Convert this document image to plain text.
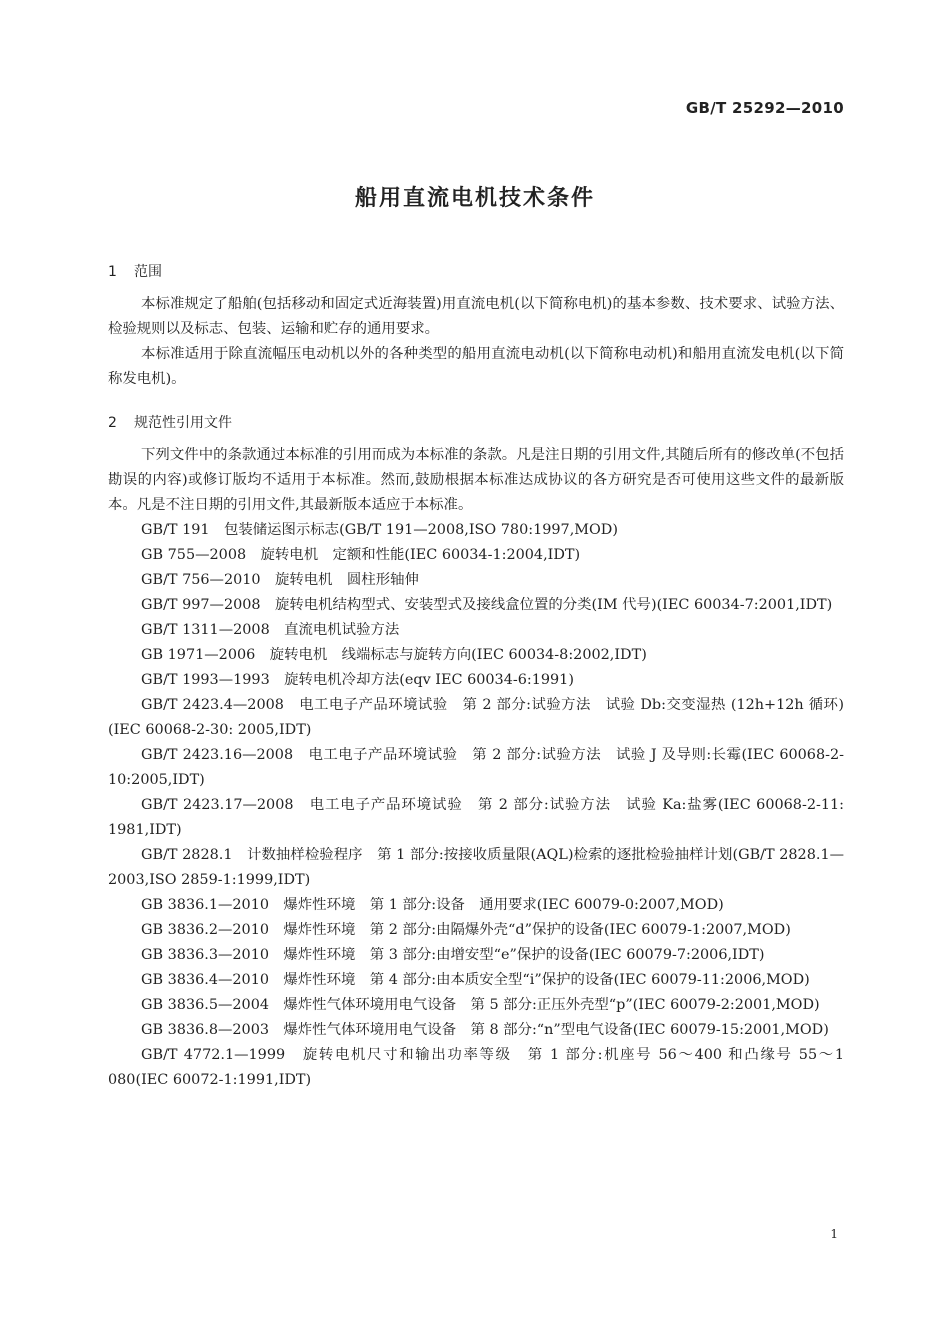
GB/T 25292—2010
船用直流电机技术条件
1 范围

本标准规定了船舶(包括移动和固定式近海装置)用直流电机(以下简称电机)的基本参数、技术要求、试验方法、检验规则以及标志、包装、运输和贮存的通用要求。

本标准适用于除直流幅压电动机以外的各种类型的船用直流电动机(以下简称电动机)和船用直流发电机(以下简称发电机)。

2 规范性引用文件

下列文件中的条款通过本标准的引用而成为本标准的条款。凡是注日期的引用文件,其随后所有的修改单(不包括勘误的内容)或修订版均不适用于本标准。然而,鼓励根据本标准达成协议的各方研究是否可使用这些文件的最新版本。凡是不注日期的引用文件,其最新版本适应于本标准。

GB/T 191　包装储运图示标志(GB/T 191—2008,ISO 780:1997,MOD)

GB 755—2008　旋转电机　定额和性能(IEC 60034-1:2004,IDT)

GB/T 756—2010　旋转电机　圆柱形轴伸

GB/T 997—2008　旋转电机结构型式、安装型式及接线盒位置的分类(IM 代号)(IEC 60034-7:2001,IDT)

GB/T 1311—2008　直流电机试验方法

GB 1971—2006　旋转电机　线端标志与旋转方向(IEC 60034-8:2002,IDT)

GB/T 1993—1993　旋转电机冷却方法(eqv IEC 60034-6:1991)

GB/T 2423.4—2008　电工电子产品环境试验　第 2 部分:试验方法　试验 Db:交变湿热 (12h+12h 循环)(IEC 60068-2-30: 2005,IDT)

GB/T 2423.16—2008　电工电子产品环境试验　第 2 部分:试验方法　试验 J 及导则:长霉(IEC 60068-2-10:2005,IDT)

GB/T 2423.17—2008　电工电子产品环境试验　第 2 部分:试验方法　试验 Ka:盐雾(IEC 60068-2-11: 1981,IDT)

GB/T 2828.1　计数抽样检验程序　第 1 部分:按接收质量限(AQL)检索的逐批检验抽样计划(GB/T 2828.1—2003,ISO 2859-1:1999,IDT)

GB 3836.1—2010　爆炸性环境　第 1 部分:设备　通用要求(IEC 60079-0:2007,MOD)

GB 3836.2—2010　爆炸性环境　第 2 部分:由隔爆外壳“d”保护的设备(IEC 60079-1:2007,MOD)

GB 3836.3—2010　爆炸性环境　第 3 部分:由增安型“e”保护的设备(IEC 60079-7:2006,IDT)

GB 3836.4—2010　爆炸性环境　第 4 部分:由本质安全型“i”保护的设备(IEC 60079-11:2006,MOD)

GB 3836.5—2004　爆炸性气体环境用电气设备　第 5 部分:正压外壳型“p”(IEC 60079-2:2001,MOD)

GB 3836.8—2003　爆炸性气体环境用电气设备　第 8 部分:“n”型电气设备(IEC 60079-15:2001,MOD)

GB/T 4772.1—1999　旋转电机尺寸和输出功率等级　第 1 部分:机座号 56～400 和凸缘号 55～1 080(IEC 60072-1:1991,IDT)

1
